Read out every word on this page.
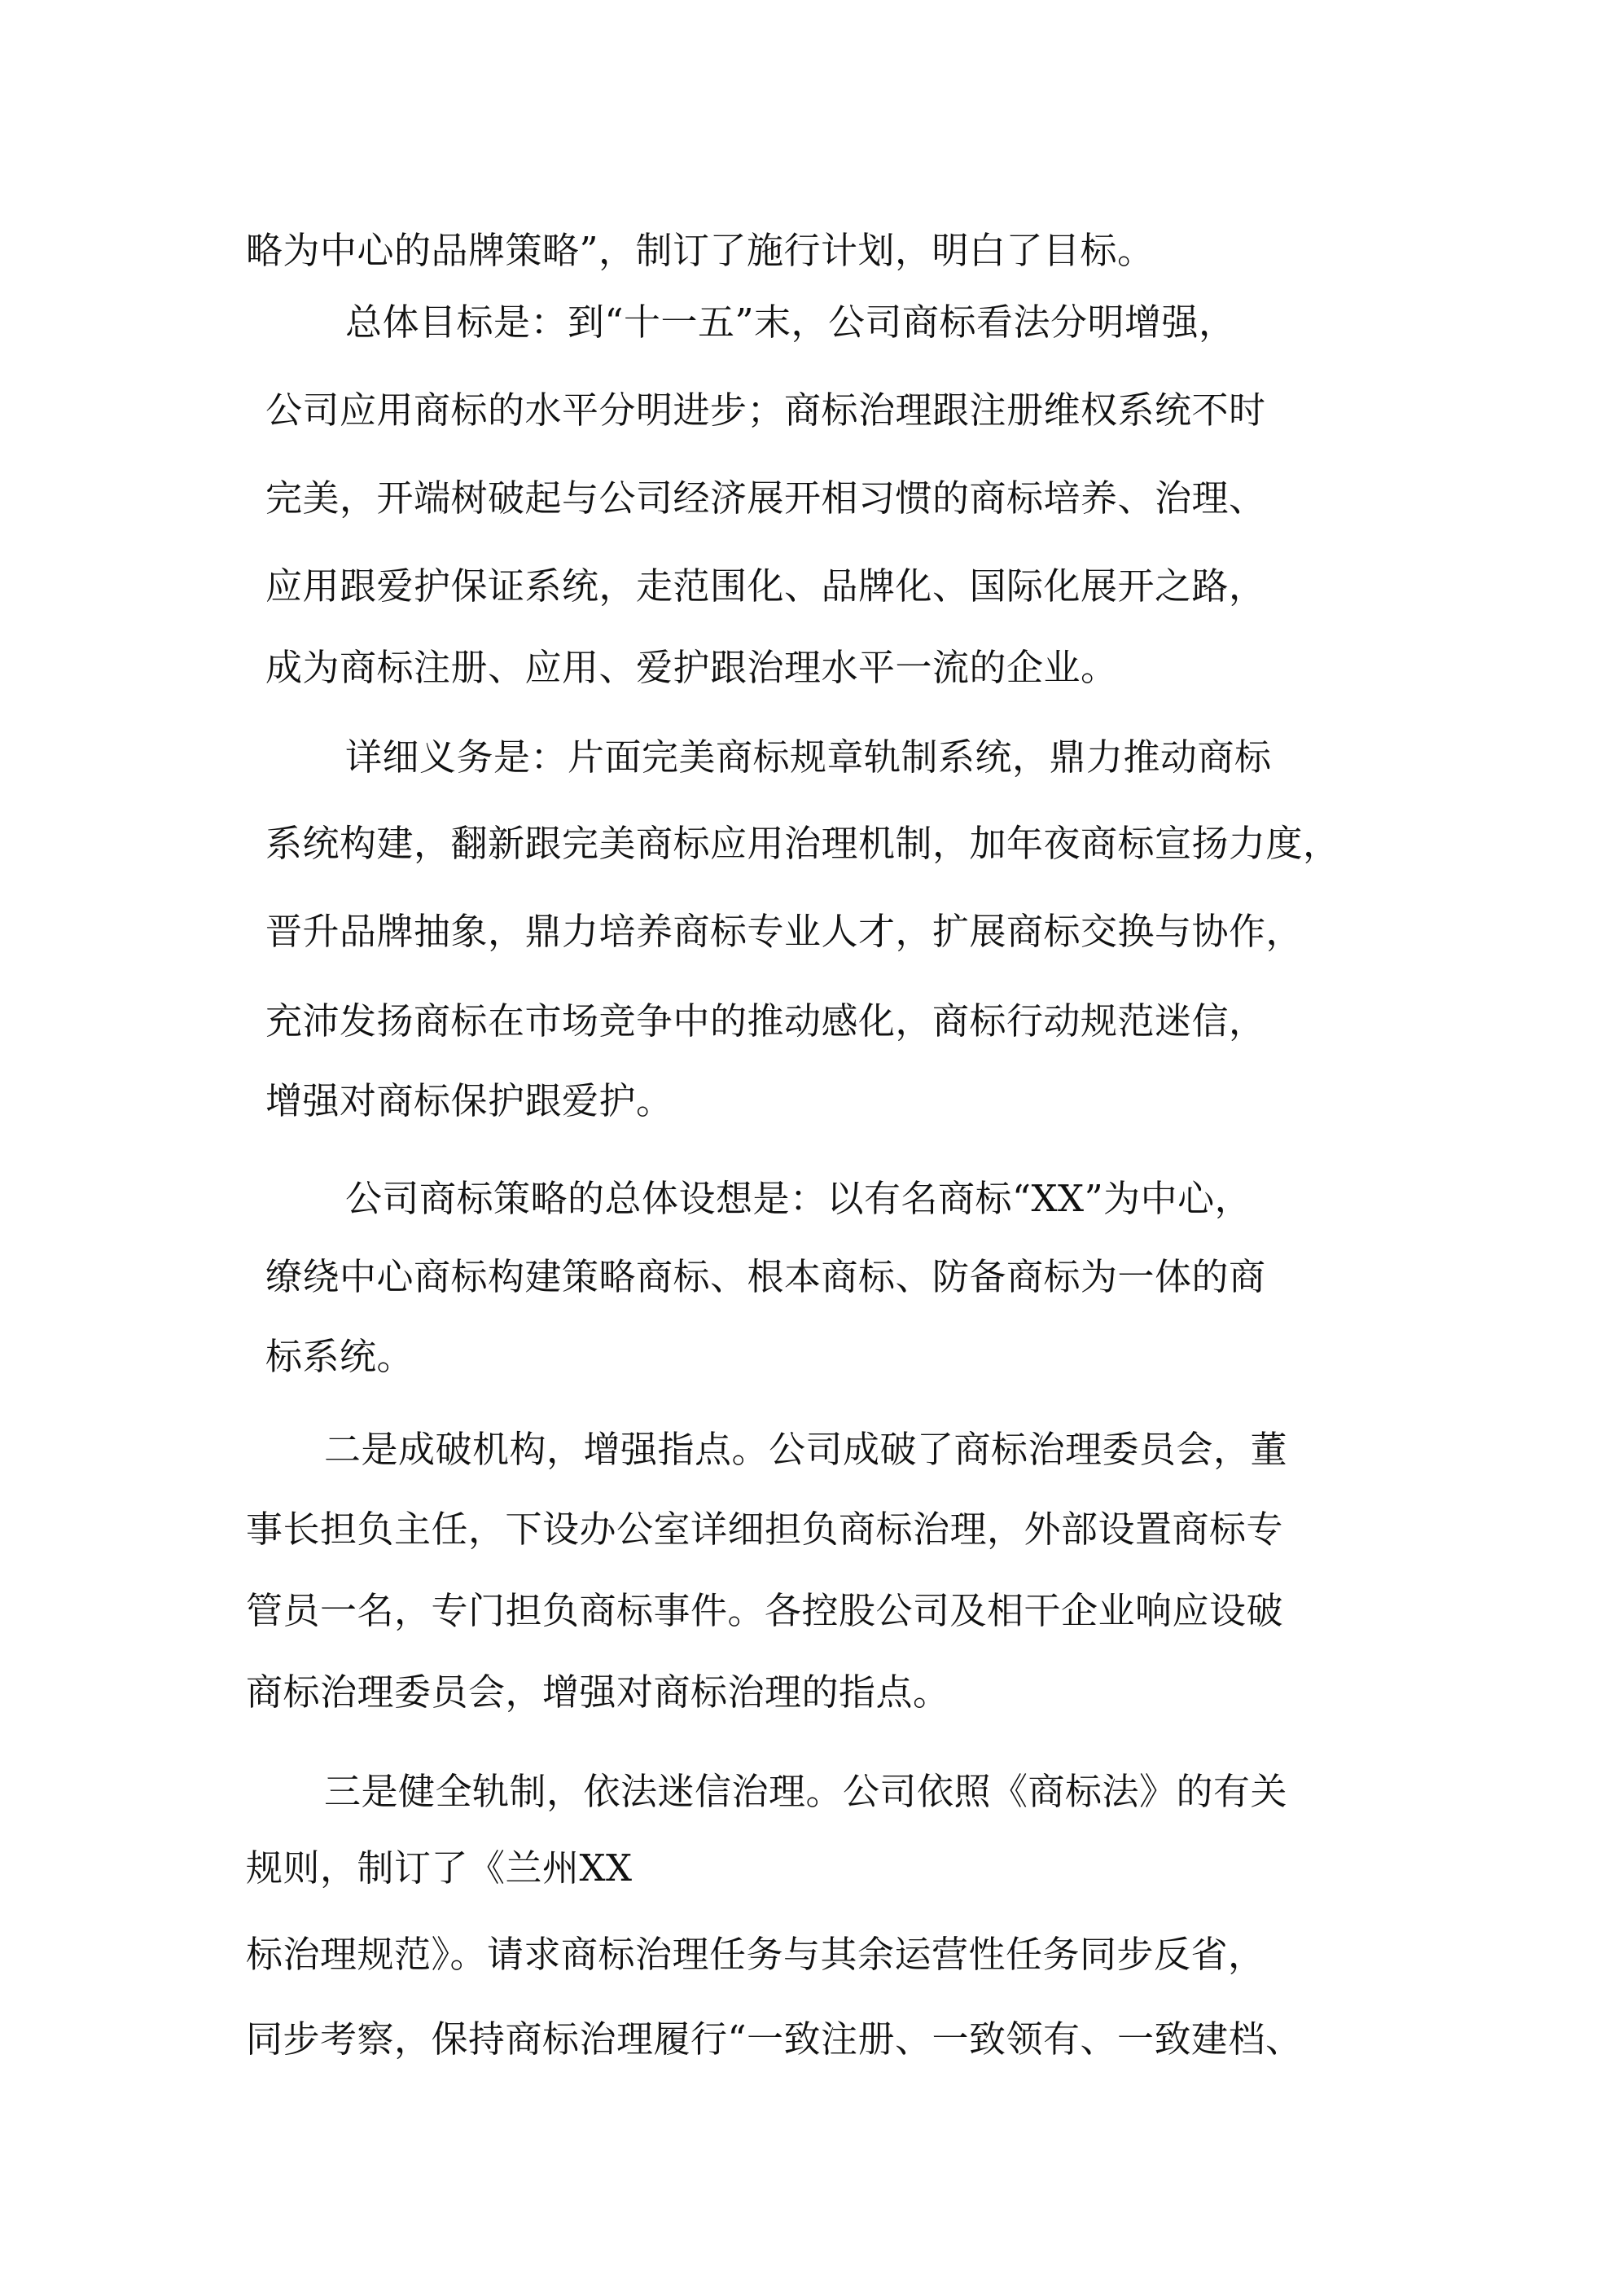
略为中心的品牌策略”，制订了施行计划，明白了目标。
总体目标是：到“十一五”末，公司商标看法分明增强，
公司应用商标的水平分明进步；商标治理跟注册维权系统不时
完美，开端树破起与公司经济展开相习惯的商标培养、治理、
应用跟爱护保证系统，走范围化、品牌化、国际化展开之路，
成为商标注册、应用、爱护跟治理水平一流的企业。
详细义务是：片面完美商标规章轨制系统，鼎力推动商标
系统构建，翻新跟完美商标应用治理机制，加年夜商标宣扬力度，
晋升品牌抽象，鼎力培养商标专业人才，扩展商标交换与协作，
充沛发扬商标在市场竞争中的推动感化，商标行动规范迷信，
增强对商标保护跟爱护。
公司商标策略的总体设想是：以有名商标“XX”为中心，
缭绕中心商标构建策略商标、根本商标、防备商标为一体的商
标系统。
二是成破机构，增强指点。公司成破了商标治理委员会，董
事长担负主任，下设办公室详细担负商标治理，外部设置商标专
管员一名，专门担负商标事件。各控股公司及相干企业响应设破
商标治理委员会，增强对商标治理的指点。
三是健全轨制，依法迷信治理。公司依照《商标法》的有关
规则，制订了《兰州XX
标治理规范》。请求商标治理任务与其余运营性任务同步反省，
同步考察，保持商标治理履行“一致注册、一致领有、一致建档、
